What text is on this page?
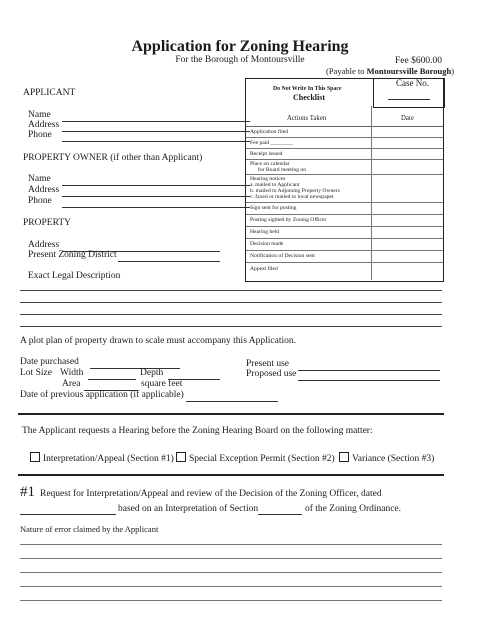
Application for Zoning Hearing
For the Borough of Montoursville	Fee $600.00
(Payable to Montoursville Borough)
Case No.
APPLICANT
Name
Address
Phone
PROPERTY OWNER (if other than Applicant)
Name
Address
Phone
PROPERTY
Address
Present Zoning District
Exact Legal Description
Do Not Write In This Space
Checklist
Actions Taken	Date
Application filed
Fee paid ________
Receipt issued
Place on calendar
for Board meeting on
Hearing notices
a. mailed to Applicant
b. mailed to Adjoining Property Owners
c. faxed or mailed to local newspaper
Sign sent for posting
Posting sighted by Zoning Officer
Hearing held
Decision made
Notification of Decision sent
Appeal filed
A plot plan of property drawn to scale must accompany this Application.
Date purchased
Lot Size Width	Depth
Area	square feet
Date of previous application (if applicable)
Present use
Proposed use
The Applicant requests a Hearing before the Zoning Hearing Board on the following matter:
Interpretation/Appeal (Section #1)	Special Exception Permit (Section #2)	Variance (Section #3)
#1 Request for Interpretation/Appeal and review of the Decision of the Zoning Officer, dated
based on an Interpretation of Section	of the Zoning Ordinance.
Nature of error claimed by the Applicant
